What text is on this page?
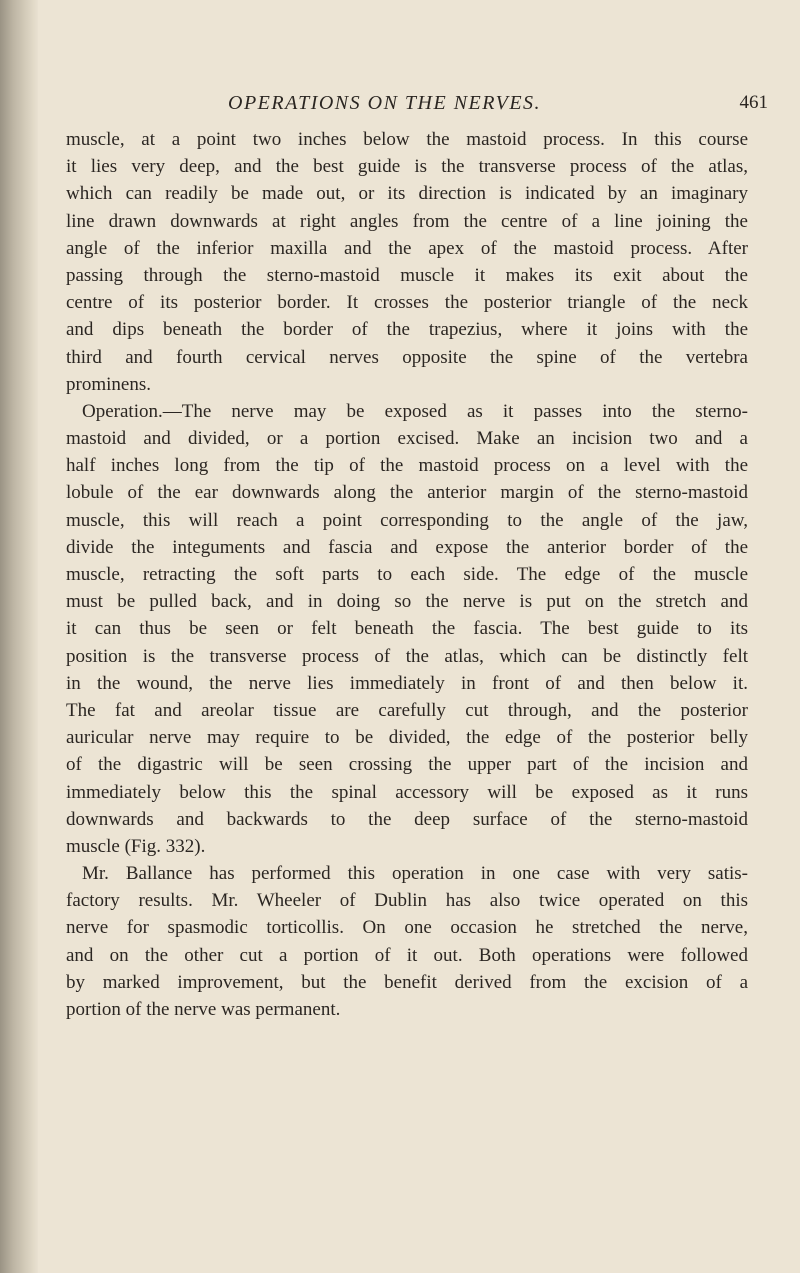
OPERATIONS ON THE NERVES.	461
muscle, at a point two inches below the mastoid process. In this course
it lies very deep, and the best guide is the transverse process of the atlas,
which can readily be made out, or its direction is indicated by an imaginary
line drawn downwards at right angles from the centre of a line joining the
angle of the inferior maxilla and the apex of the mastoid process. After
passing through the sterno-mastoid muscle it makes its exit about the
centre of its posterior border. It crosses the posterior triangle of the neck
and dips beneath the border of the trapezius, where it joins with the
third and fourth cervical nerves opposite the spine of the vertebra
prominens.
Operation.—The nerve may be exposed as it passes into the sterno-
mastoid and divided, or a portion excised. Make an incision two and a
half inches long from the tip of the mastoid process on a level with the
lobule of the ear downwards along the anterior margin of the sterno-mastoid
muscle, this will reach a point corresponding to the angle of the jaw,
divide the integuments and fascia and expose the anterior border of the
muscle, retracting the soft parts to each side. The edge of the muscle
must be pulled back, and in doing so the nerve is put on the stretch and
it can thus be seen or felt beneath the fascia. The best guide to its
position is the transverse process of the atlas, which can be distinctly felt
in the wound, the nerve lies immediately in front of and then below it.
The fat and areolar tissue are carefully cut through, and the posterior
auricular nerve may require to be divided, the edge of the posterior belly
of the digastric will be seen crossing the upper part of the incision and
immediately below this the spinal accessory will be exposed as it runs
downwards and backwards to the deep surface of the sterno-mastoid
muscle (Fig. 332).
Mr. Ballance has performed this operation in one case with very satis-
factory results. Mr. Wheeler of Dublin has also twice operated on this
nerve for spasmodic torticollis. On one occasion he stretched the nerve,
and on the other cut a portion of it out. Both operations were followed
by marked improvement, but the benefit derived from the excision of a
portion of the nerve was permanent.
